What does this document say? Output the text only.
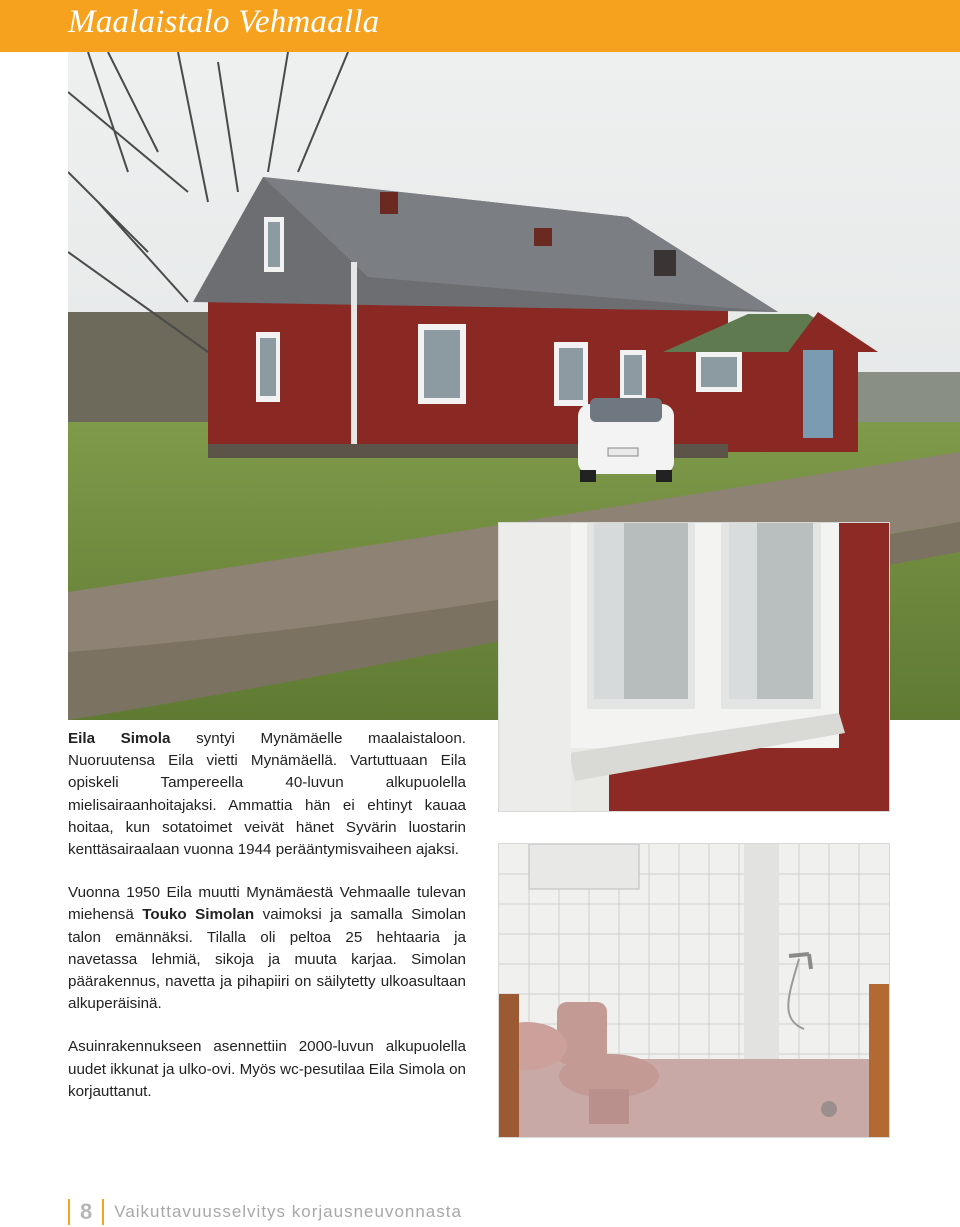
Maalaistalo Vehmaalla

Eila Simola syntyi Mynämäelle maalaistaloon. Nuoruutensa Eila vietti Mynämäellä. Vartuttuaan Eila opiskeli Tampereella 40-luvun alkupuolella mielisairaanhoitajaksi. Ammattia hän ei ehtinyt kauaa hoitaa, kun sotatoimet veivät hänet Syvärin luostarin kenttäsairaalaan vuonna 1944 perääntymisvaiheen ajaksi.

Vuonna 1950 Eila muutti Mynämäestä Vehmaalle tulevan miehensä Touko Simolan vaimoksi ja samalla Simolan talon emännäksi. Tilalla oli peltoa 25 hehtaaria ja navetassa lehmiä, sikoja ja muuta karjaa. Simolan päärakennus, navetta ja pihapiiri on säilytetty ulkoasultaan alkuperäisinä.

Asuinrakennukseen asennettiin 2000-luvun alkupuolella uudet ikkunat ja ulko-ovi. Myös wc-pesutilaa Eila Simola on korjauttanut.

8 Vaikuttavuusselvitys korjausneuvonnasta
